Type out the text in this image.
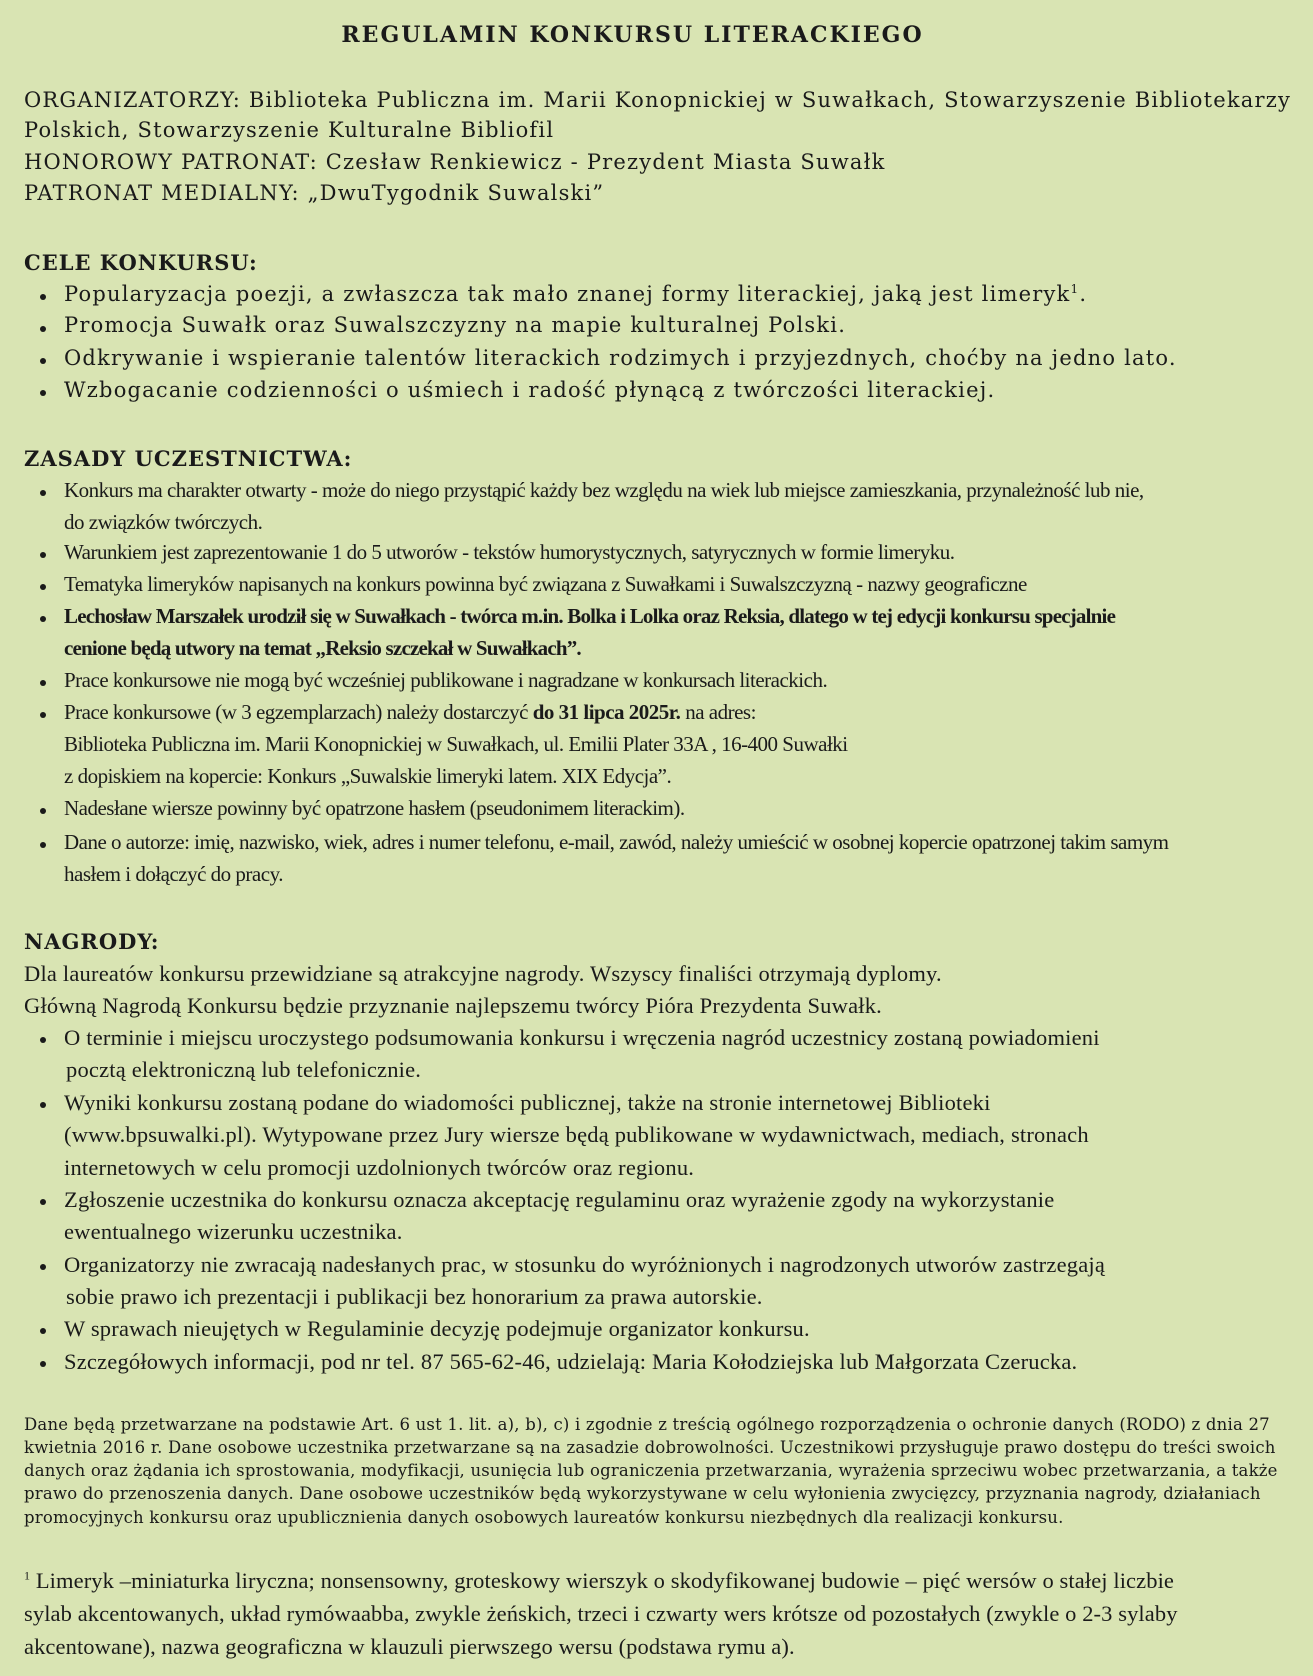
REGULAMIN KONKURSU LITERACKIEGO
ORGANIZATORZY: Biblioteka Publiczna im. Marii Konopnickiej w Suwałkach, Stowarzyszenie Bibliotekarzy
Polskich, Stowarzyszenie Kulturalne Bibliofil
HONOROWY PATRONAT: Czesław Renkiewicz - Prezydent Miasta Suwałk
PATRONAT MEDIALNY: „DwuTygodnik Suwalski”
CELE KONKURSU:
Popularyzacja poezji, a zwłaszcza tak mało znanej formy literackiej, jaką jest limeryk$^1$.
Promocja Suwałk oraz Suwalszczyzny na mapie kulturalnej Polski.
Odkrywanie i wspieranie talentów literackich rodzimych i przyjezdnych, choćby na jedno lato.
Wzbogacanie codzienności o uśmiech i radość płynącą z twórczości literackiej.
ZASADY UCZESTNICTWA:
Konkurs ma charakter otwarty - może do niego przystąpić każdy bez względu na wiek lub miejsce zamieszkania, przynależność lub nie,
do związków twórczych.
Warunkiem jest zaprezentowanie 1 do 5 utworów - tekstów humorystycznych, satyrycznych w formie limeryku.
Tematyka limeryków napisanych na konkurs powinna być związana z Suwałkami i Suwalszczyzną - nazwy geograficzne
Lechosław Marszałek urodził się w Suwałkach - twórca m.in. Bolka i Lolka oraz Reksia, dlatego w tej edycji konkursu specjalnie
cenione będą utwory na temat „Reksio szczekał w Suwałkach”.
Prace konkursowe nie mogą być wcześniej publikowane i nagradzane w konkursach literackich.
Prace konkursowe (w 3 egzemplarzach) należy dostarczyć do 31 lipca 2025r. na adres:
Biblioteka Publiczna im. Marii Konopnickiej w Suwałkach, ul. Emilii Plater 33A , 16-400 Suwałki
z dopiskiem na kopercie: Konkurs „Suwalskie limeryki latem. XIX Edycja”.
Nadesłane wiersze powinny być opatrzone hasłem (pseudonimem literackim).
Dane o autorze: imię, nazwisko, wiek, adres i numer telefonu, e-mail, zawód, należy umieścić w osobnej kopercie opatrzonej takim samym
hasłem i dołączyć do pracy.
NAGRODY:
Dla laureatów konkursu przewidziane są atrakcyjne nagrody. Wszyscy finaliści otrzymają dyplomy.
Główną Nagrodą Konkursu będzie przyznanie najlepszemu twórcy Pióra Prezydenta Suwałk.
O terminie i miejscu uroczystego podsumowania konkursu i wręczenia nagród uczestnicy zostaną powiadomieni
pocztą elektroniczną lub telefonicznie.
Wyniki konkursu zostaną podane do wiadomości publicznej, także na stronie internetowej Biblioteki
(www.bpsuwalki.pl). Wytypowane przez Jury wiersze będą publikowane w wydawnictwach, mediach, stronach
internetowych w celu promocji uzdolnionych twórców oraz regionu.
Zgłoszenie uczestnika do konkursu oznacza akceptację regulaminu oraz wyrażenie zgody na wykorzystanie
ewentualnego wizerunku uczestnika.
Organizatorzy nie zwracają nadesłanych prac, w stosunku do wyróżnionych i nagrodzonych utworów zastrzegają
sobie prawo ich prezentacji i publikacji bez honorarium za prawa autorskie.
W sprawach nieujętych w Regulaminie decyzję podejmuje organizator konkursu.
Szczegółowych informacji, pod nr tel. 87 565-62-46, udzielają: Maria Kołodziejska lub Małgorzata Czerucka.
Dane będą przetwarzane na podstawie Art. 6 ust 1. lit. a), b), c) i zgodnie z treścią ogólnego rozporządzenia o ochronie danych (RODO) z dnia 27
kwietnia 2016 r. Dane osobowe uczestnika przetwarzane są na zasadzie dobrowolności. Uczestnikowi przysługuje prawo dostępu do treści swoich
danych oraz żądania ich sprostowania, modyfikacji, usunięcia lub ograniczenia przetwarzania, wyrażenia sprzeciwu wobec przetwarzania, a także
prawo do przenoszenia danych. Dane osobowe uczestników będą wykorzystywane w celu wyłonienia zwycięzcy, przyznania nagrody, działaniach
promocyjnych konkursu oraz upublicznienia danych osobowych laureatów konkursu niezbędnych dla realizacji konkursu.
$^1$ Limeryk –miniaturka liryczna; nonsensowny, groteskowy wierszyk o skodyfikowanej budowie – pięć wersów o stałej liczbie
sylab akcentowanych, układ rymówaabba, zwykle żeńskich, trzeci i czwarty wers krótsze od pozostałych (zwykle o 2-3 sylaby
akcentowane), nazwa geograficzna w klauzuli pierwszego wersu (podstawa rymu a).
